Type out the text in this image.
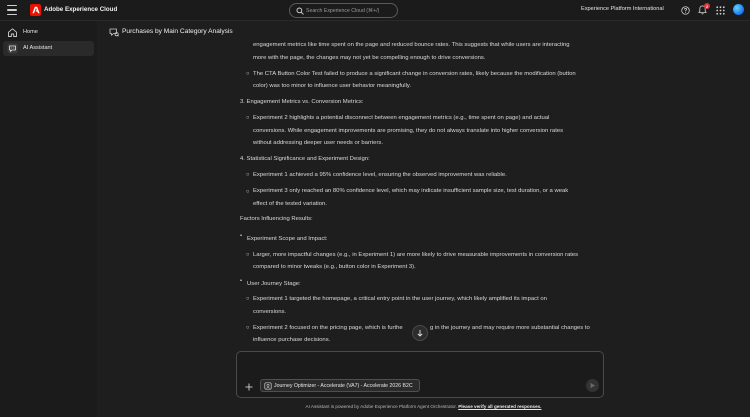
Adobe Experience Cloud
Search Experience Cloud (⌘+/)	Experience Platform International	2
Home
AI Assistant
Purchases by Main Category Analysis
engagement metrics like time spent on the page and reduced bounce rates. This suggests that while users are interacting
more with the page, the changes may not yet be compelling enough to drive conversions.
○ The CTA Button Color Test failed to produce a significant change in conversion rates, likely because the modification (button
color) was too minor to influence user behavior meaningfully.
3. Engagement Metrics vs. Conversion Metrics:
○ Experiment 2 highlights a potential disconnect between engagement metrics (e.g., time spent on page) and actual
conversions. While engagement improvements are promising, they do not always translate into higher conversion rates
without addressing deeper user needs or barriers.
4. Statistical Significance and Experiment Design:
○ Experiment 1 achieved a 95% confidence level, ensuring the observed improvement was reliable.
○ Experiment 3 only reached an 80% confidence level, which may indicate insufficient sample size, test duration, or a weak
effect of the tested variation.
Factors Influencing Results:
• Experiment Scope and Impact:
○ Larger, more impactful changes (e.g., in Experiment 1) are more likely to drive measurable improvements in conversion rates
compared to minor tweaks (e.g., button color in Experiment 3).
• User Journey Stage:
○ Experiment 1 targeted the homepage, a critical entry point in the user journey, which likely amplified its impact on
conversions.
○ Experiment 2 focused on the pricing page, which is furthe	g in the journey and may require more substantial changes to
influence purchase decisions.
Journey Optimizer - Accelerate (VA7) - Accelerate 2026 B2C
AI Assistant is powered by Adobe Experience Platform Agent Orchestrator. Please verify all generated responses.
